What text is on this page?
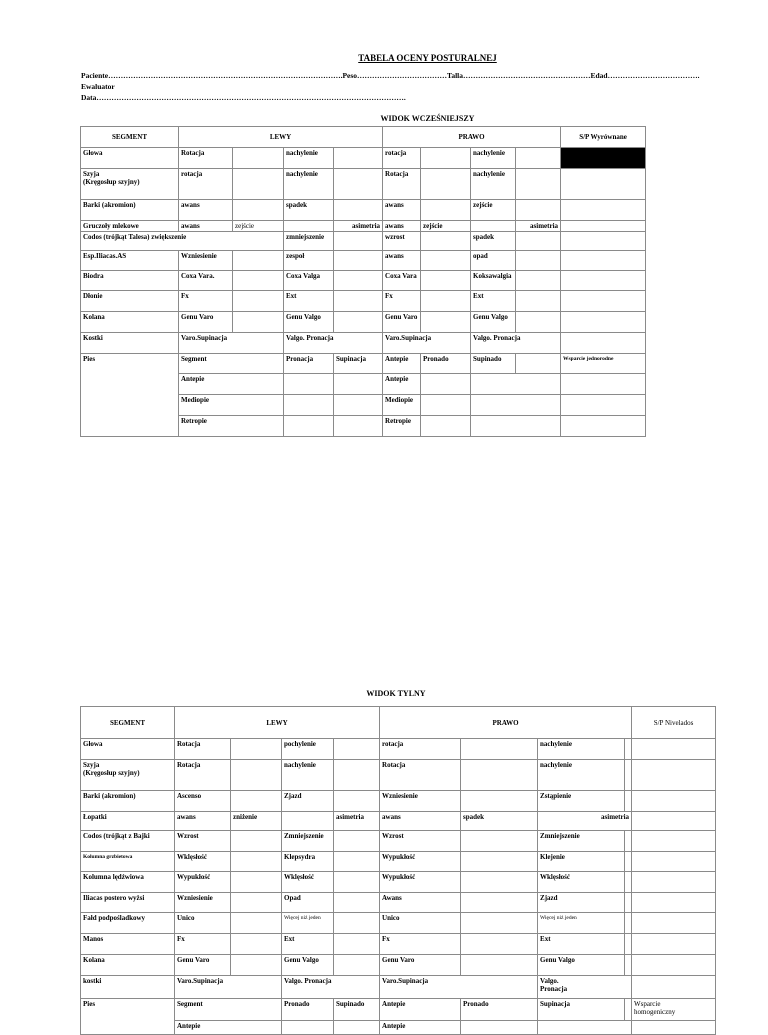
TABELA OCENY POSTURALNEJ
Paciente………………………………………………………………………………….Peso………………………………Talla……………………………………………Edad……………………………….
Ewaluator
Data…………………………………………………………………………………………………………….
WIDOK WCZEŚNIEJSZY
SEGMENT	LEWY				PRAWO				S/P Wyrównane
Głowa	Rotacja		nachylenie		rotacja		nachylenie		
Szyja
(Kręgosłup szyjny)	rotacja		nachylenie		Rotacja		nachylenie		
Barki (akromion)	awans		spadek		awans		zejście		
Gruczoły mlekowe	awans	zejście		asimetria	awans	zejście		asimetria	
Codos (trójkąt Talesa) zwiększenie			zmniejszenie		wzrost		spadek		
Esp.Iliacas.AS	Wzniesienie		zespoł		awans		opad		
Biodra	Coxa Vara.		Coxa Valga		Coxa Vara		Koksawalgia		
Dłonie	Fx		Ext		Fx		Ext		
Kolana	Genu Varo		Genu Valgo		Genu Varo		Genu Valgo		
Kostki	Varo.Supinacja		Valgo. Pronacja		Varo.Supinacja		Valgo. Pronacja		
Pies	Segment		Pronacja	Supinacja	Antepie	Pronado	Supinado		Wsparcie jednorodne
	Antepie				Antepie				
	Mediopie				Mediopie				
	Retropie				Retropie				
WIDOK TYLNY
SEGMENT	LEWY				PRAWO				S/P Nivelados
Głowa	Rotacja		pochylenie		rotacja		nachylenie		
Szyja
(Kręgosłup szyjny)	Rotacja		nachylenie		Rotacja		nachylenie		
Barki (akromion)	Ascenso		Zjazd		Wzniesienie		Zstąpienie		
Łopatki	awans	zniżenie		asimetria	awans	spadek	asimetria		
Codos (trójkąt z Bajki	Wzrost		Zmniejszenie		Wzrost		Zmniejszenie		
Kolumna grzbietowa	Wklęsłość		Klepsydra		Wypukłość		Klejenie		
Kolumna lędźwiowa	Wypukłość		Wklęsłość		Wypukłość		Wklęsłość		
Iliacas postero wyżsi	Wzniesienie		Opad		Awans		Zjazd		
Fałd podpośladkowy	Unico		Więcej niż jeden		Unico		Więcej niż jeden		
Manos	Fx		Ext		Fx		Ext		
Kolana	Genu Varo		Genu Valgo		Genu Varo		Genu Valgo		
kostki	Varo.Supinacja		Valgo. Pronacja		Varo.Supinacja		Valgo.
Pronacja		
Pies	Segment		Pronado	Supinado	Antepie	Pronado	Supinacja		Wsparcie
homogeniczny
	Antepie				Antepie				
